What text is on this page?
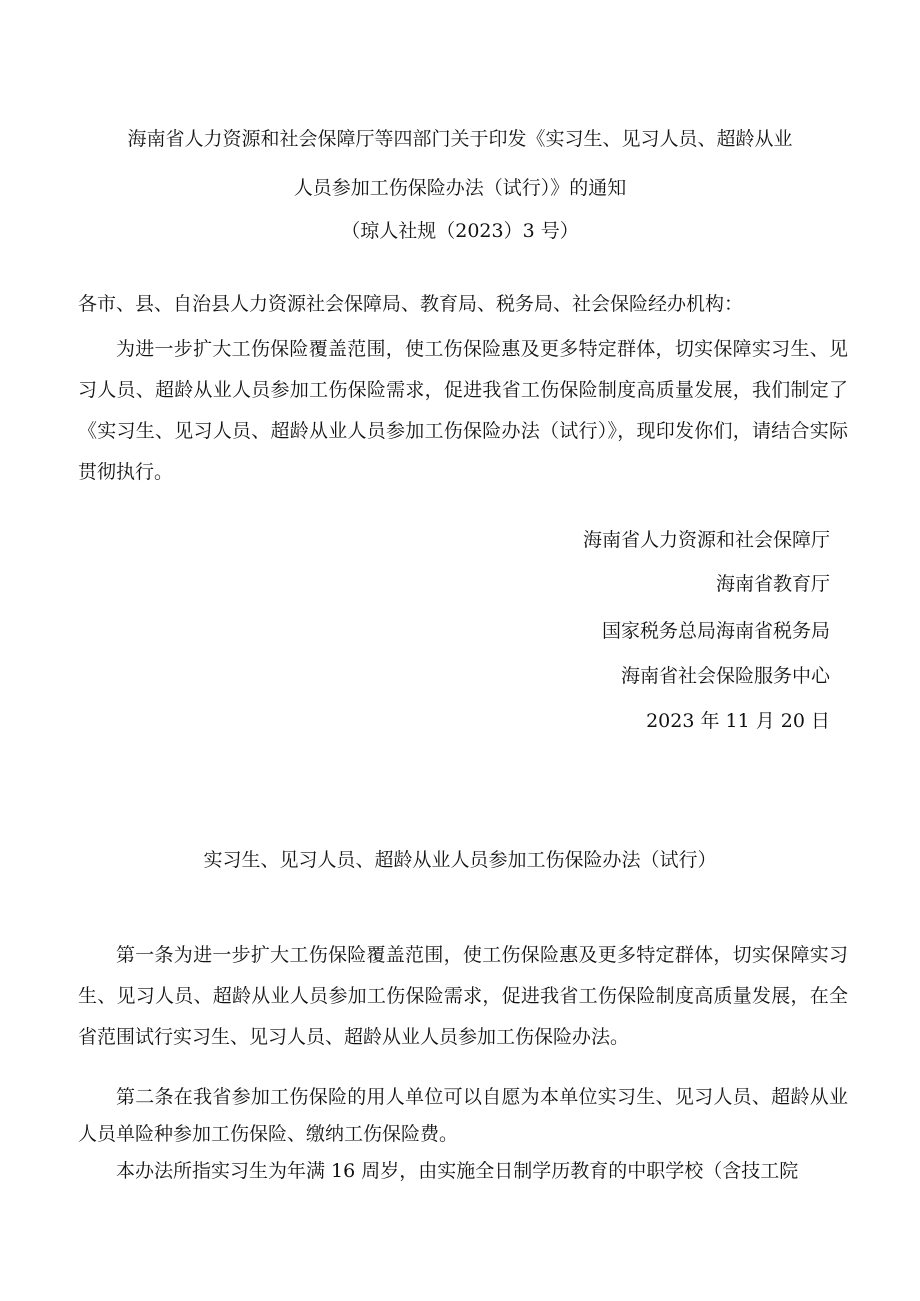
海南省人力资源和社会保障厅等四部门关于印发《实习生、见习人员、超龄从业
人员参加工伤保险办法（试行）》的通知
（琼人社规（2023）3 号）
各市、县、自治县人力资源社会保障局、教育局、税务局、社会保险经办机构：
为进一步扩大工伤保险覆盖范围，使工伤保险惠及更多特定群体，切实保障实习生、见习人员、超龄从业人员参加工伤保险需求，促进我省工伤保险制度高质量发展，我们制定了《实习生、见习人员、超龄从业人员参加工伤保险办法（试行）》，现印发你们，请结合实际贯彻执行。
海南省人力资源和社会保障厅
海南省教育厅
国家税务总局海南省税务局
海南省社会保险服务中心
2023 年 11 月 20 日
实习生、见习人员、超龄从业人员参加工伤保险办法（试行）
第一条为进一步扩大工伤保险覆盖范围，使工伤保险惠及更多特定群体，切实保障实习生、见习人员、超龄从业人员参加工伤保险需求，促进我省工伤保险制度高质量发展，在全省范围试行实习生、见习人员、超龄从业人员参加工伤保险办法。
第二条在我省参加工伤保险的用人单位可以自愿为本单位实习生、见习人员、超龄从业人员单险种参加工伤保险、缴纳工伤保险费。
本办法所指实习生为年满 16 周岁，由实施全日制学历教育的中职学校（含技工院
